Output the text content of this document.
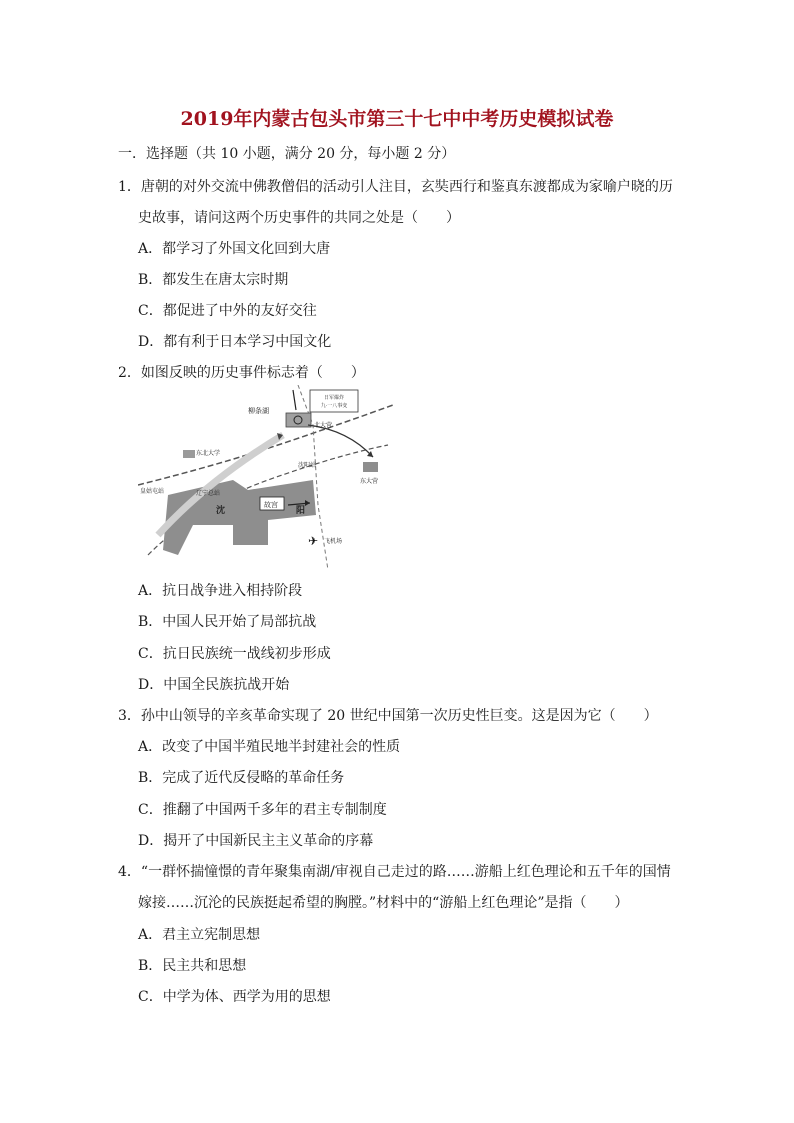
2019年内蒙古包头市第三十七中中考历史模拟试卷
一．选择题（共 10 小题，满分 20 分，每小题 2 分）
1．唐朝的对外交流中佛教僧侣的活动引人注目，玄奘西行和鉴真东渡都成为家喻户晓的历
史故事，请问这两个历史事件的共同之处是（　　）
A．都学习了外国文化回到大唐
B．都发生在唐太宗时期
C．都促进了中外的友好交往
D．都有利于日本学习中国文化
2．如图反映的历史事件标志着（　　）
日军爆炸
九·一八事变
✈
柳条湖
东北大学
北大营
沈阳站
东大营
皇姑屯站	辽宁总站
沈
故宫
阳
飞机场
A．抗日战争进入相持阶段
B．中国人民开始了局部抗战
C．抗日民族统一战线初步形成
D．中国全民族抗战开始
3．孙中山领导的辛亥革命实现了 20 世纪中国第一次历史性巨变。这是因为它（　　）
A．改变了中国半殖民地半封建社会的性质
B．完成了近代反侵略的革命任务
C．推翻了中国两千多年的君主专制制度
D．揭开了中国新民主主义革命的序幕
4．“一群怀揣憧憬的青年聚集南湖/审视自己走过的路……游船上红色理论和五千年的国情
嫁接……沉沦的民族挺起希望的胸膛。”材料中的“游船上红色理论”是指（　　）
A．君主立宪制思想
B．民主共和思想
C．中学为体、西学为用的思想
